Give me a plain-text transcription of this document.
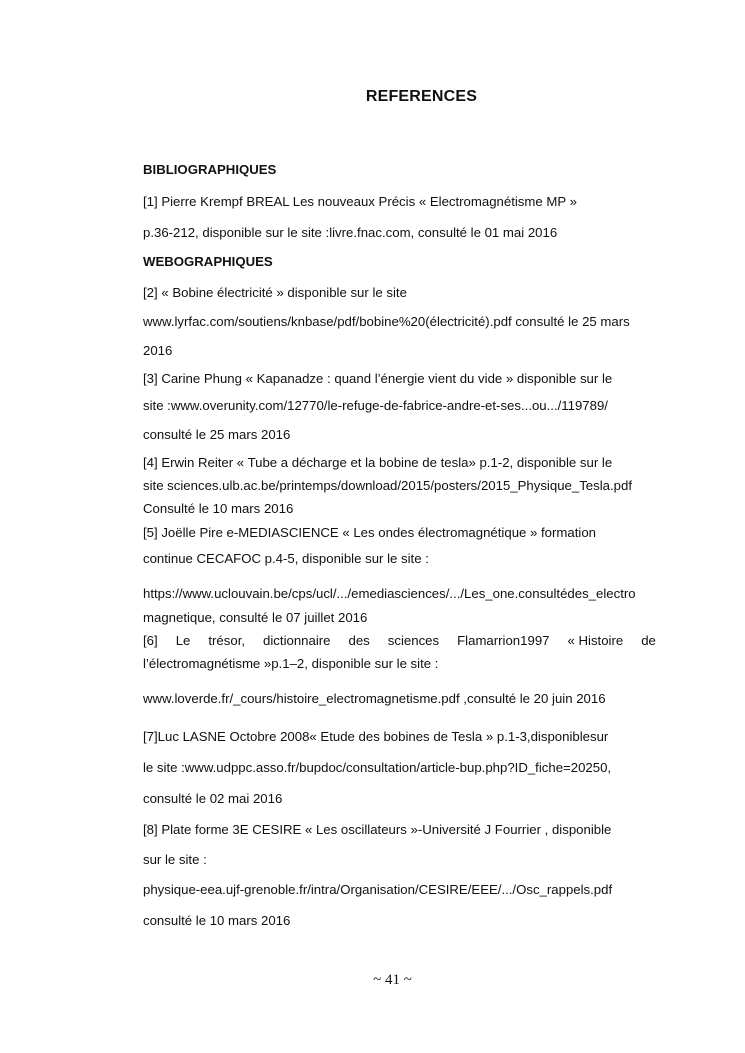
REFERENCES
BIBLIOGRAPHIQUES
[1] Pierre Krempf BREAL Les nouveaux Précis « Electromagnétisme MP »
p.36-212, disponible sur le site :livre.fnac.com, consulté le 01 mai 2016
WEBOGRAPHIQUES
[2] « Bobine électricité » disponible sur le site
www.lyrfac.com/soutiens/knbase/pdf/bobine%20(électricité).pdf consulté le 25 mars
2016
[3] Carine Phung « Kapanadze : quand l’énergie vient du vide » disponible sur le
site :www.overunity.com/12770/le-refuge-de-fabrice-andre-et-ses...ou.../119789/
consulté le 25 mars 2016
[4] Erwin Reiter « Tube a décharge et la bobine de tesla» p.1-2, disponible sur le
site sciences.ulb.ac.be/printemps/download/2015/posters/2015_Physique_Tesla.pdf
Consulté le 10 mars 2016
[5] Joëlle Pire e-MEDIASCIENCE « Les ondes électromagnétique » formation
continue CECAFOC p.4-5, disponible sur le site :
https://www.uclouvain.be/cps/ucl/.../emediasciences/.../Les_one.consultédes_electro
magnetique, consulté le 07 juillet 2016
[6] Le trésor, dictionnaire des sciences Flamarrion1997 « Histoire de
l’électromagnétisme »p.1–2, disponible sur le site :
www.loverde.fr/_cours/histoire_electromagnetisme.pdf ,consulté le 20 juin 2016
[7]Luc LASNE Octobre 2008« Etude des bobines de Tesla » p.1-3,disponiblesur
le site :www.udppc.asso.fr/bupdoc/consultation/article-bup.php?ID_fiche=20250,
consulté le 02 mai 2016
[8] Plate forme 3E CESIRE « Les oscillateurs »-Université J Fourrier , disponible
sur le site :
physique-eea.ujf-grenoble.fr/intra/Organisation/CESIRE/EEE/.../Osc_rappels.pdf
consulté le 10 mars 2016
~ 41 ~
